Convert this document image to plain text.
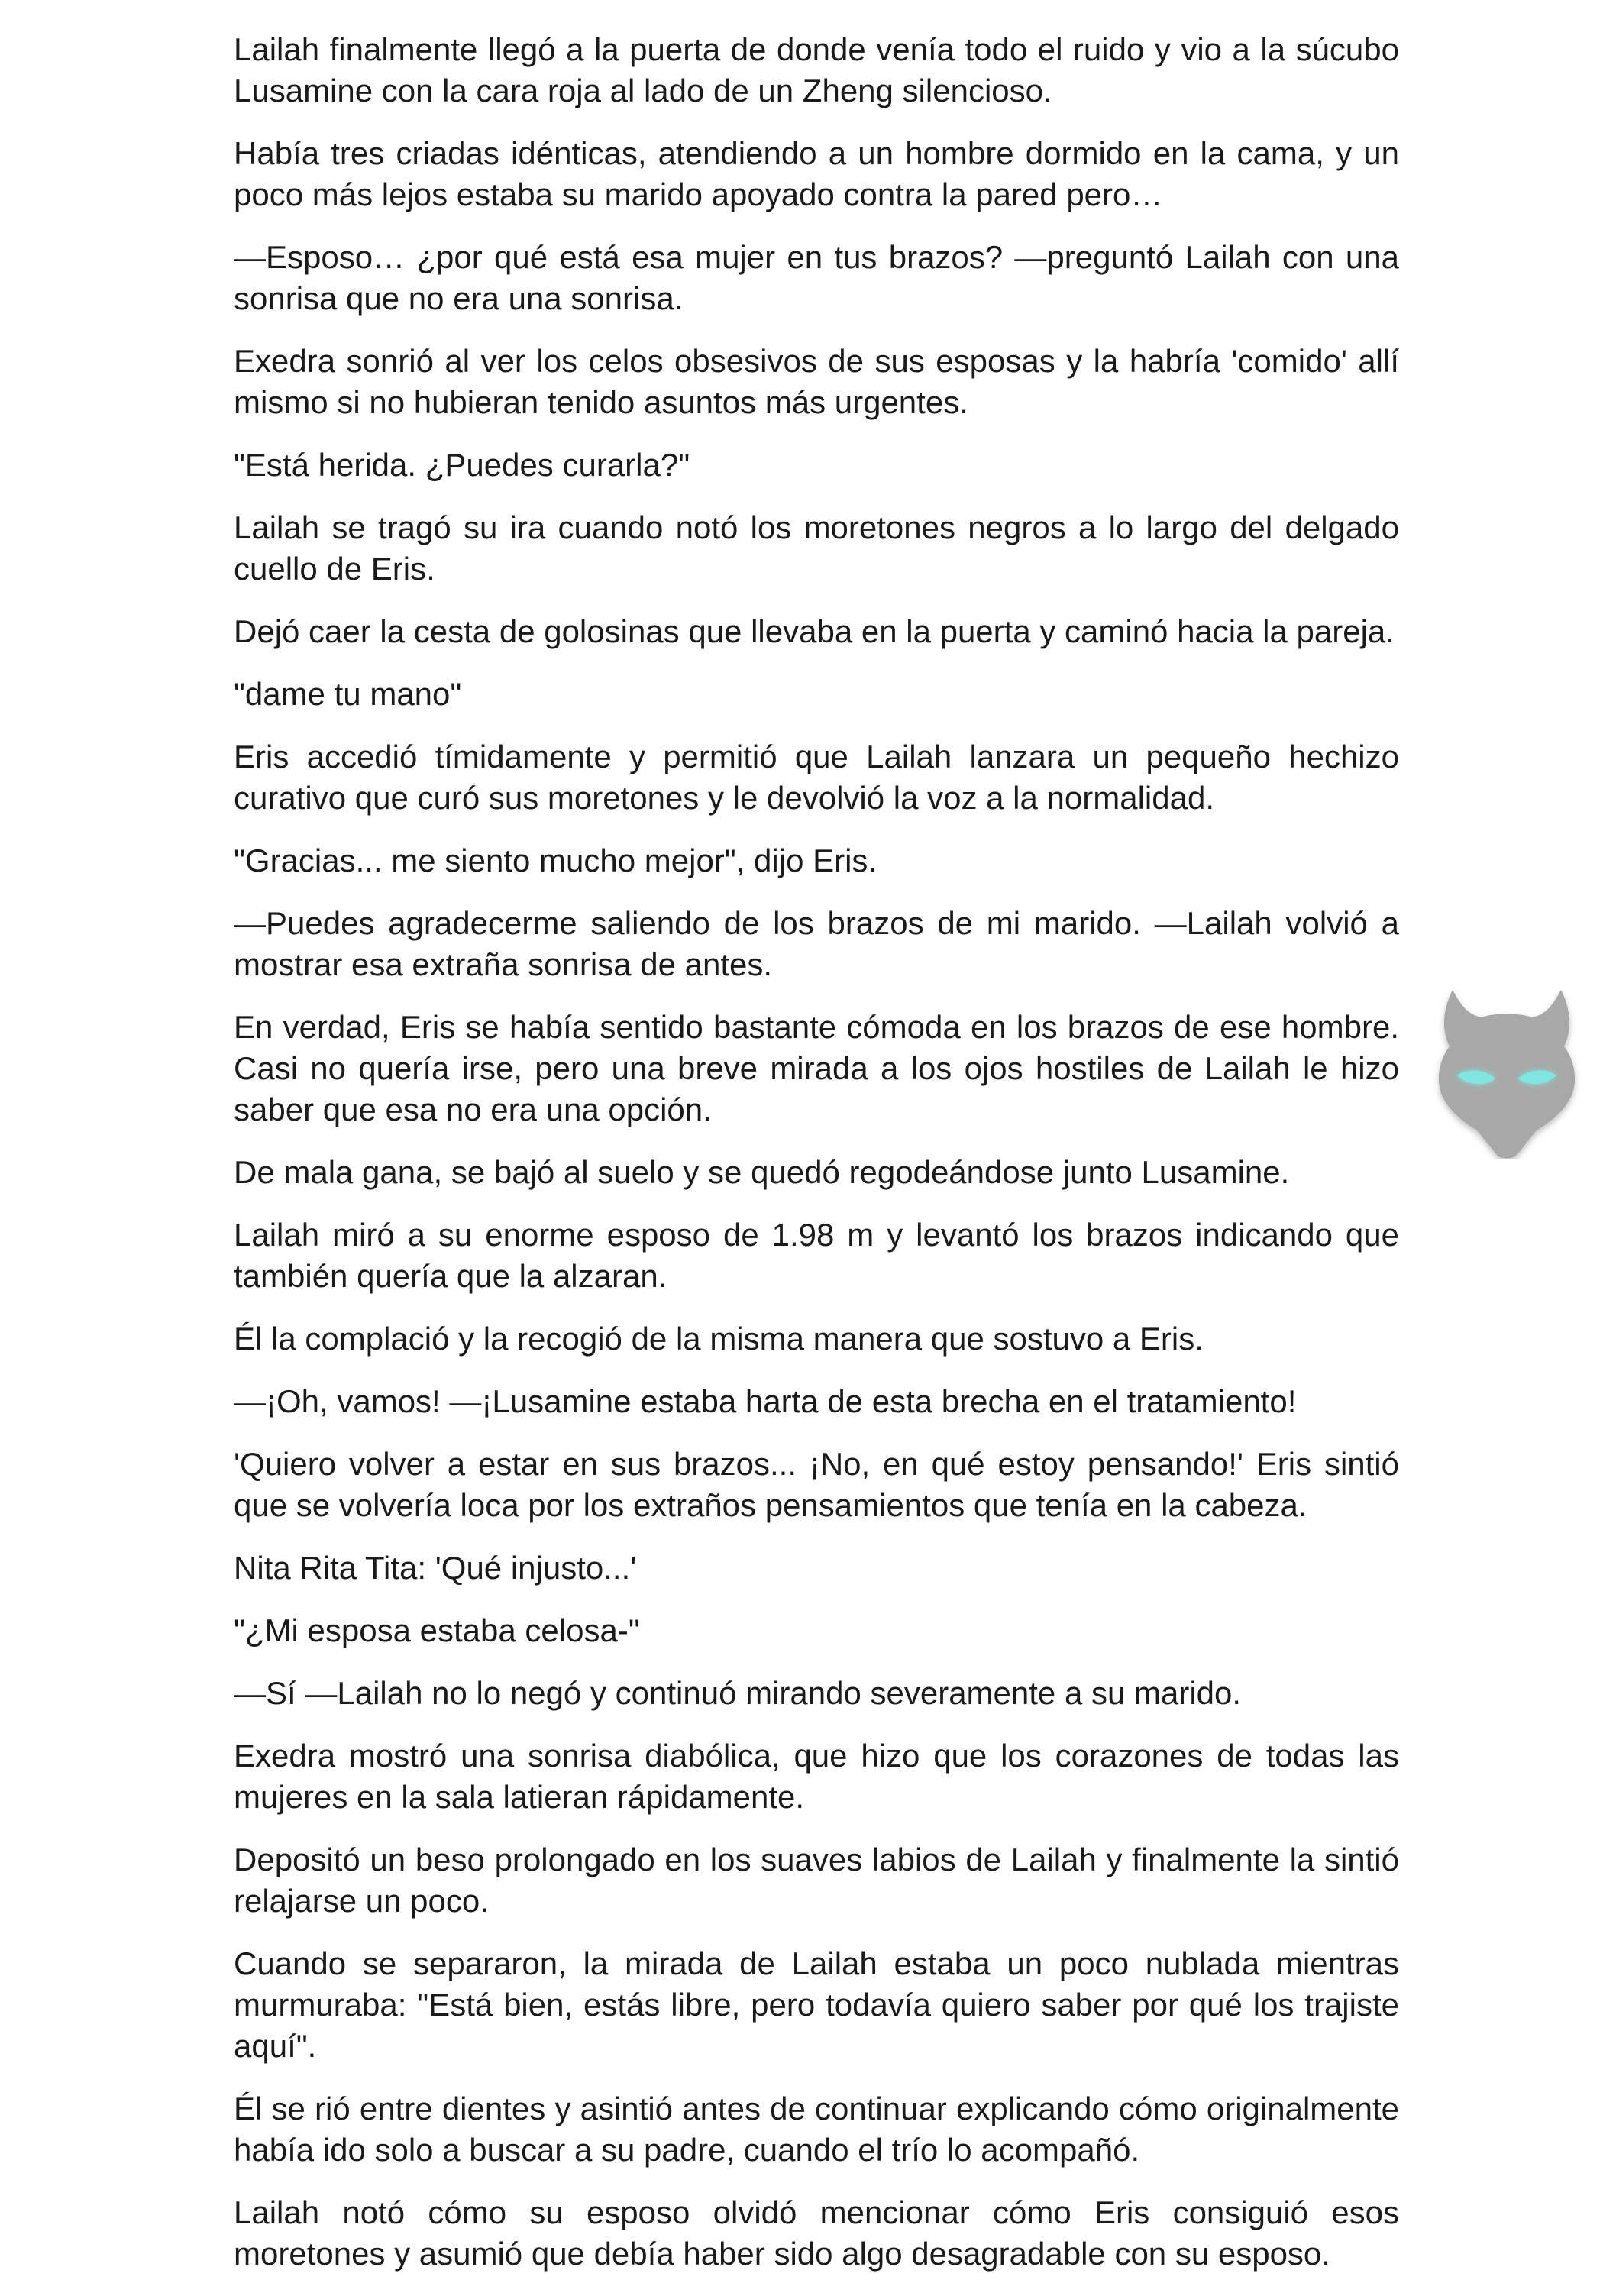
Lailah finalmente llegó a la puerta de donde venía todo el ruido y vio a la súcubo Lusamine con la cara roja al lado de un Zheng silencioso.

Había tres criadas idénticas, atendiendo a un hombre dormido en la cama, y un poco más lejos estaba su marido apoyado contra la pared pero…

—Esposo… ¿por qué está esa mujer en tus brazos? —preguntó Lailah con una sonrisa que no era una sonrisa.

Exedra sonrió al ver los celos obsesivos de sus esposas y la habría 'comido' allí mismo si no hubieran tenido asuntos más urgentes.

"Está herida. ¿Puedes curarla?"

Lailah se tragó su ira cuando notó los moretones negros a lo largo del delgado cuello de Eris.

Dejó caer la cesta de golosinas que llevaba en la puerta y caminó hacia la pareja.

"dame tu mano"

Eris accedió tímidamente y permitió que Lailah lanzara un pequeño hechizo curativo que curó sus moretones y le devolvió la voz a la normalidad.

"Gracias... me siento mucho mejor", dijo Eris.

—Puedes agradecerme saliendo de los brazos de mi marido. —Lailah volvió a mostrar esa extraña sonrisa de antes.

En verdad, Eris se había sentido bastante cómoda en los brazos de ese hombre. Casi no quería irse, pero una breve mirada a los ojos hostiles de Lailah le hizo saber que esa no era una opción.

De mala gana, se bajó al suelo y se quedó regodeándose junto Lusamine.

Lailah miró a su enorme esposo de 1.98 m y levantó los brazos indicando que también quería que la alzaran.

Él la complació y la recogió de la misma manera que sostuvo a Eris.

—¡Oh, vamos! —¡Lusamine estaba harta de esta brecha en el tratamiento!

'Quiero volver a estar en sus brazos... ¡No, en qué estoy pensando!' Eris sintió que se volvería loca por los extraños pensamientos que tenía en la cabeza.

Nita Rita Tita: 'Qué injusto...'

"¿Mi esposa estaba celosa-"

—Sí —Lailah no lo negó y continuó mirando severamente a su marido.

Exedra mostró una sonrisa diabólica, que hizo que los corazones de todas las mujeres en la sala latieran rápidamente.

Depositó un beso prolongado en los suaves labios de Lailah y finalmente la sintió relajarse un poco.

Cuando se separaron, la mirada de Lailah estaba un poco nublada mientras murmuraba: "Está bien, estás libre, pero todavía quiero saber por qué los trajiste aquí".

Él se rió entre dientes y asintió antes de continuar explicando cómo originalmente había ido solo a buscar a su padre, cuando el trío lo acompañó.

Lailah notó cómo su esposo olvidó mencionar cómo Eris consiguió esos moretones y asumió que debía haber sido algo desagradable con su esposo.
